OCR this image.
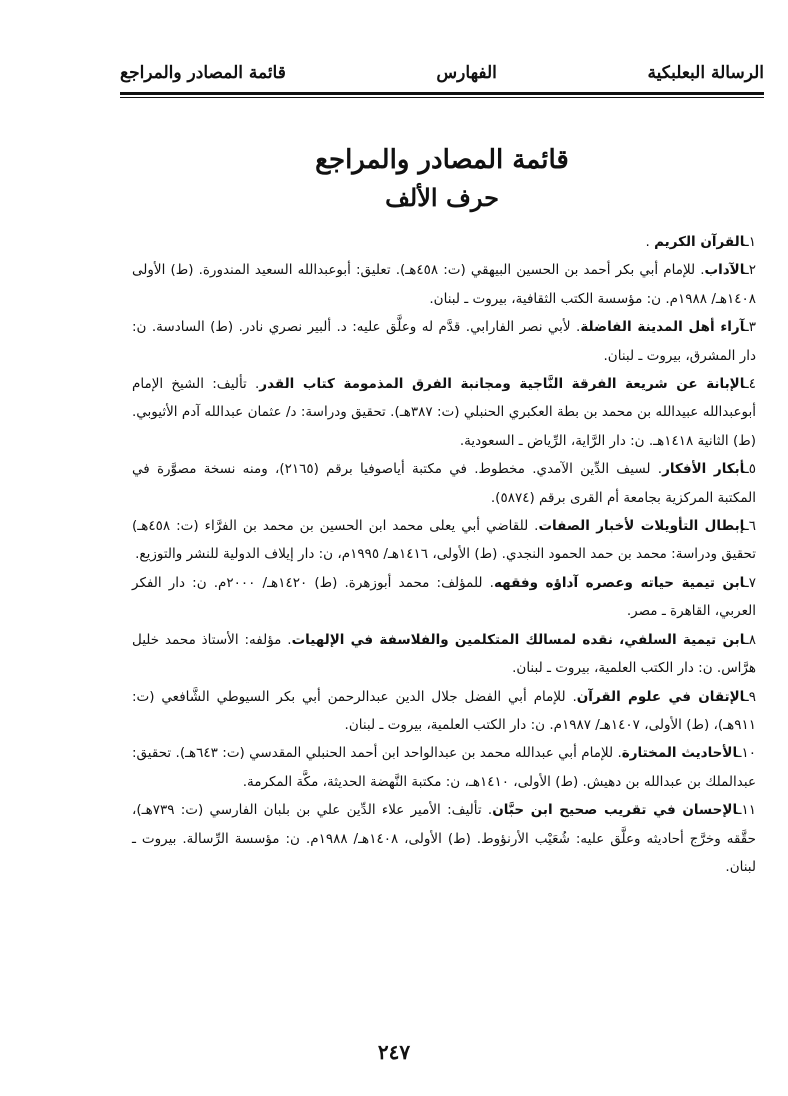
الرسالة البعلبكية
الفهارس
قائمة المصادر والمراجع
قائمة المصادر والمراجع
حرف الألف

١ـالقرآن الكريم .

٢ـالآداب. للإمام أبي بكر أحمد بن الحسين البيهقي (ت: ٤٥٨هـ). تعليق: أبوعبدالله السعيد المندورة. (ط) الأولى ١٤٠٨هـ/ ١٩٨٨م. ن: مؤسسة الكتب الثقافية، بيروت ـ لبنان.

٣ـآراء أهل المدينة الفاضلة. لأبي نصر الفارابي. قدَّم له وعلَّق عليه: د. ألبير نصري نادر. (ط) السادسة. ن: دار المشرق، بيروت ـ لبنان.

٤ـالإبانة عن شريعة الفرقة النَّاجية ومجانبة الفرق المذمومة كتاب القدر. تأليف: الشيخ الإمام أبوعبدالله عبيدالله بن محمد بن بطة العكبري الحنبلي (ت: ٣٨٧هـ). تحقيق ودراسة: د/ عثمان عبدالله آدم الأثيوبي. (ط) الثانية ١٤١٨هـ. ن: دار الرَّاية، الرِّياض ـ السعودية.

٥ـأبكار الأفكار. لسيف الدِّين الآمدي. مخطوط. في مكتبة أياصوفيا برقم (٢١٦٥)، ومنه نسخة مصوَّرة في المكتبة المركزية بجامعة أم القرى برقم (٥٨٧٤).

٦ـإبطال التأويلات لأخبار الصفات. للقاضي أبي يعلى محمد ابن الحسين بن محمد بن الفرَّاء (ت: ٤٥٨هـ) تحقيق ودراسة: محمد بن حمد الحمود النجدي. (ط) الأولى، ١٤١٦هـ/ ١٩٩٥م، ن: دار إيلاف الدولية للنشر والتوزيع.

٧ـابن تيمية حياته وعصره آداؤه وفقهه. للمؤلف: محمد أبوزهرة. (ط) ١٤٢٠هـ/ ٢٠٠٠م. ن: دار الفكر العربي، القاهرة ـ مصر.

٨ـابن تيمية السلفي، نقده لمسالك المتكلمين والفلاسفة في الإلهيات. مؤلفه: الأستاذ محمد خليل هرَّاس. ن: دار الكتب العلمية، بيروت ـ لبنان.

٩ـالإتقان في علوم القرآن. للإمام أبي الفضل جلال الدين عبدالرحمن أبي بكر السيوطي الشَّافعي (ت: ٩١١هـ)، (ط) الأولى، ١٤٠٧هـ/ ١٩٨٧م. ن: دار الكتب العلمية، بيروت ـ لبنان.

١٠ـالأحاديث المختارة. للإمام أبي عبدالله محمد بن عبدالواحد ابن أحمد الحنبلي المقدسي (ت: ٦٤٣هـ). تحقيق: عبدالملك بن عبدالله بن دهيش. (ط) الأولى، ١٤١٠هـ، ن: مكتبة النَّهضة الحديثة، مكَّة المكرمة.

١١ـالإحسان في تقريب صحيح ابن حبَّان. تأليف: الأمير علاء الدِّين علي بن بلبان الفارسي (ت: ٧٣٩هـ)، حقَّقه وخرَّج أحاديثه وعلَّق عليه: شُعَيْب الأرنؤوط. (ط) الأولى، ١٤٠٨هـ/ ١٩٨٨م. ن: مؤسسة الرِّسالة. بيروت ـ لبنان.

٢٤٧
